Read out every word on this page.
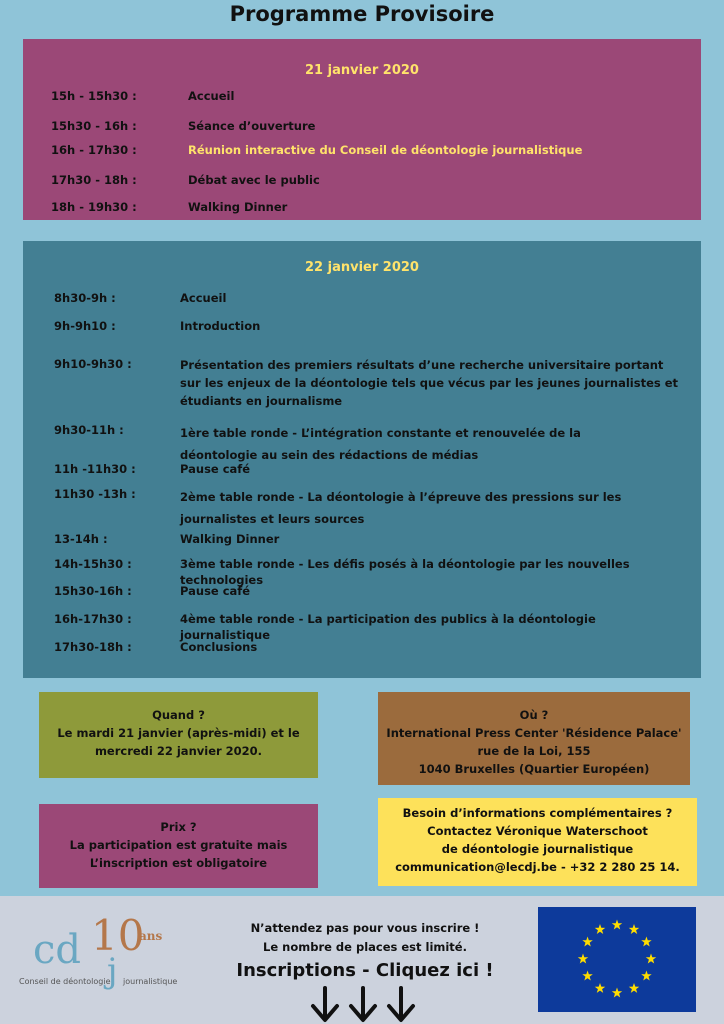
Programme Provisoire
21 janvier 2020
15h - 15h30 :	Accueil
15h30 - 16h :	Séance d’ouverture
16h - 17h30 :	Réunion interactive du Conseil de déontologie journalistique
17h30 - 18h :	Débat avec le public
18h - 19h30 :	Walking Dinner
22 janvier 2020
8h30-9h :	Accueil
9h-9h10 :	Introduction
9h10-9h30 :	Présentation des premiers résultats d’une recherche universitaire portant sur les enjeux de la déontologie tels que vécus par les jeunes journalistes et étudiants en journalisme
9h30-11h :	1ère table ronde - L’intégration constante et renouvelée de la déontologie au sein des rédactions de médias
11h -11h30 :	Pause café
11h30 -13h :	2ème table ronde - La déontologie à l’épreuve des pressions sur les journalistes et leurs sources
13-14h :	Walking Dinner
14h-15h30 :	3ème table ronde - Les défis posés à la déontologie par les nouvelles technologies
15h30-16h :	Pause café
16h-17h30 :	4ème table ronde - La participation des publics à la déontologie journalistique
17h30-18h :	Conclusions
Quand ?
Le mardi 21 janvier (après-midi) et le
mercredi 22 janvier 2020.
Où ?
International Press Center 'Résidence Palace'
rue de la Loi, 155
1040 Bruxelles (Quartier Européen)
Prix ?
La participation est gratuite mais
L’inscription est obligatoire
Besoin d’informations complémentaires ?
Contactez Véronique Waterschoot
de déontologie journalistique
communication@lecdj.be - +32 2 280 25 14.
cd 10
ans
j
Conseil de déontologie journalistique
N’attendez pas pour vous inscrire !
Le nombre de places est limité.
Inscriptions - Cliquez ici !
